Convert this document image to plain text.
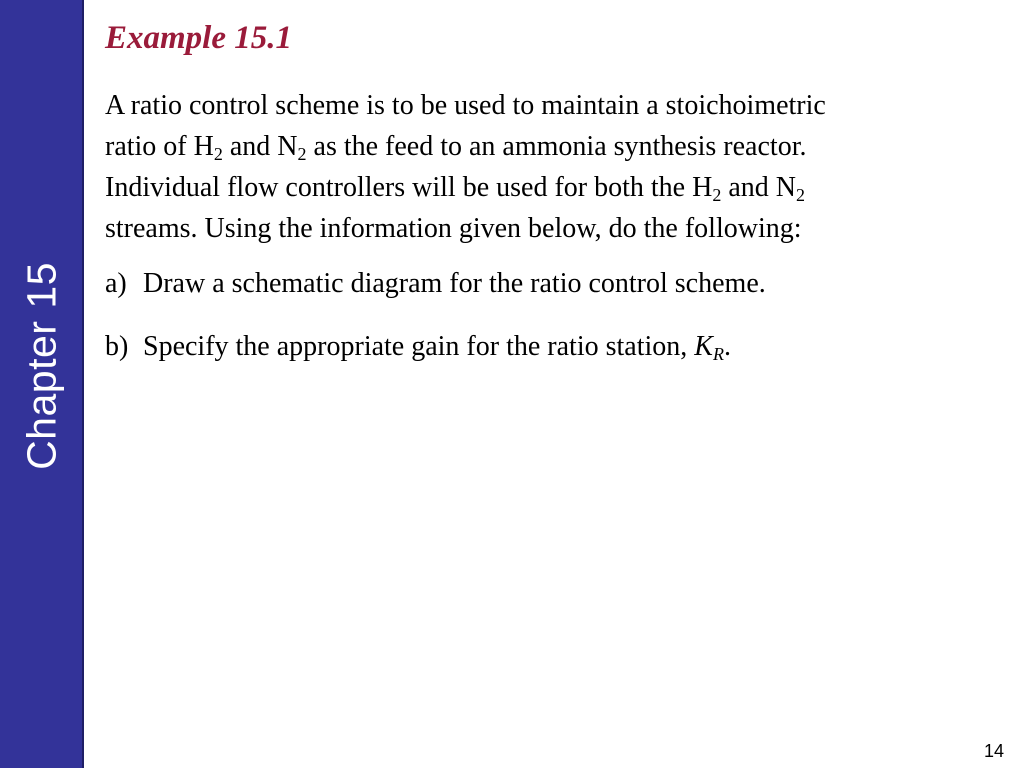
Chapter 15
Example 15.1
A ratio control scheme is to be used to maintain a stoichoimetric
ratio of $H_2$ and $N_2$ as the feed to an ammonia synthesis reactor.
Individual flow controllers will be used for both the $H_2$ and $N_2$
streams. Using the information given below, do the following:
a) Draw a schematic diagram for the ratio control scheme.
b) Specify the appropriate gain for the ratio station, $K_R$.
14
